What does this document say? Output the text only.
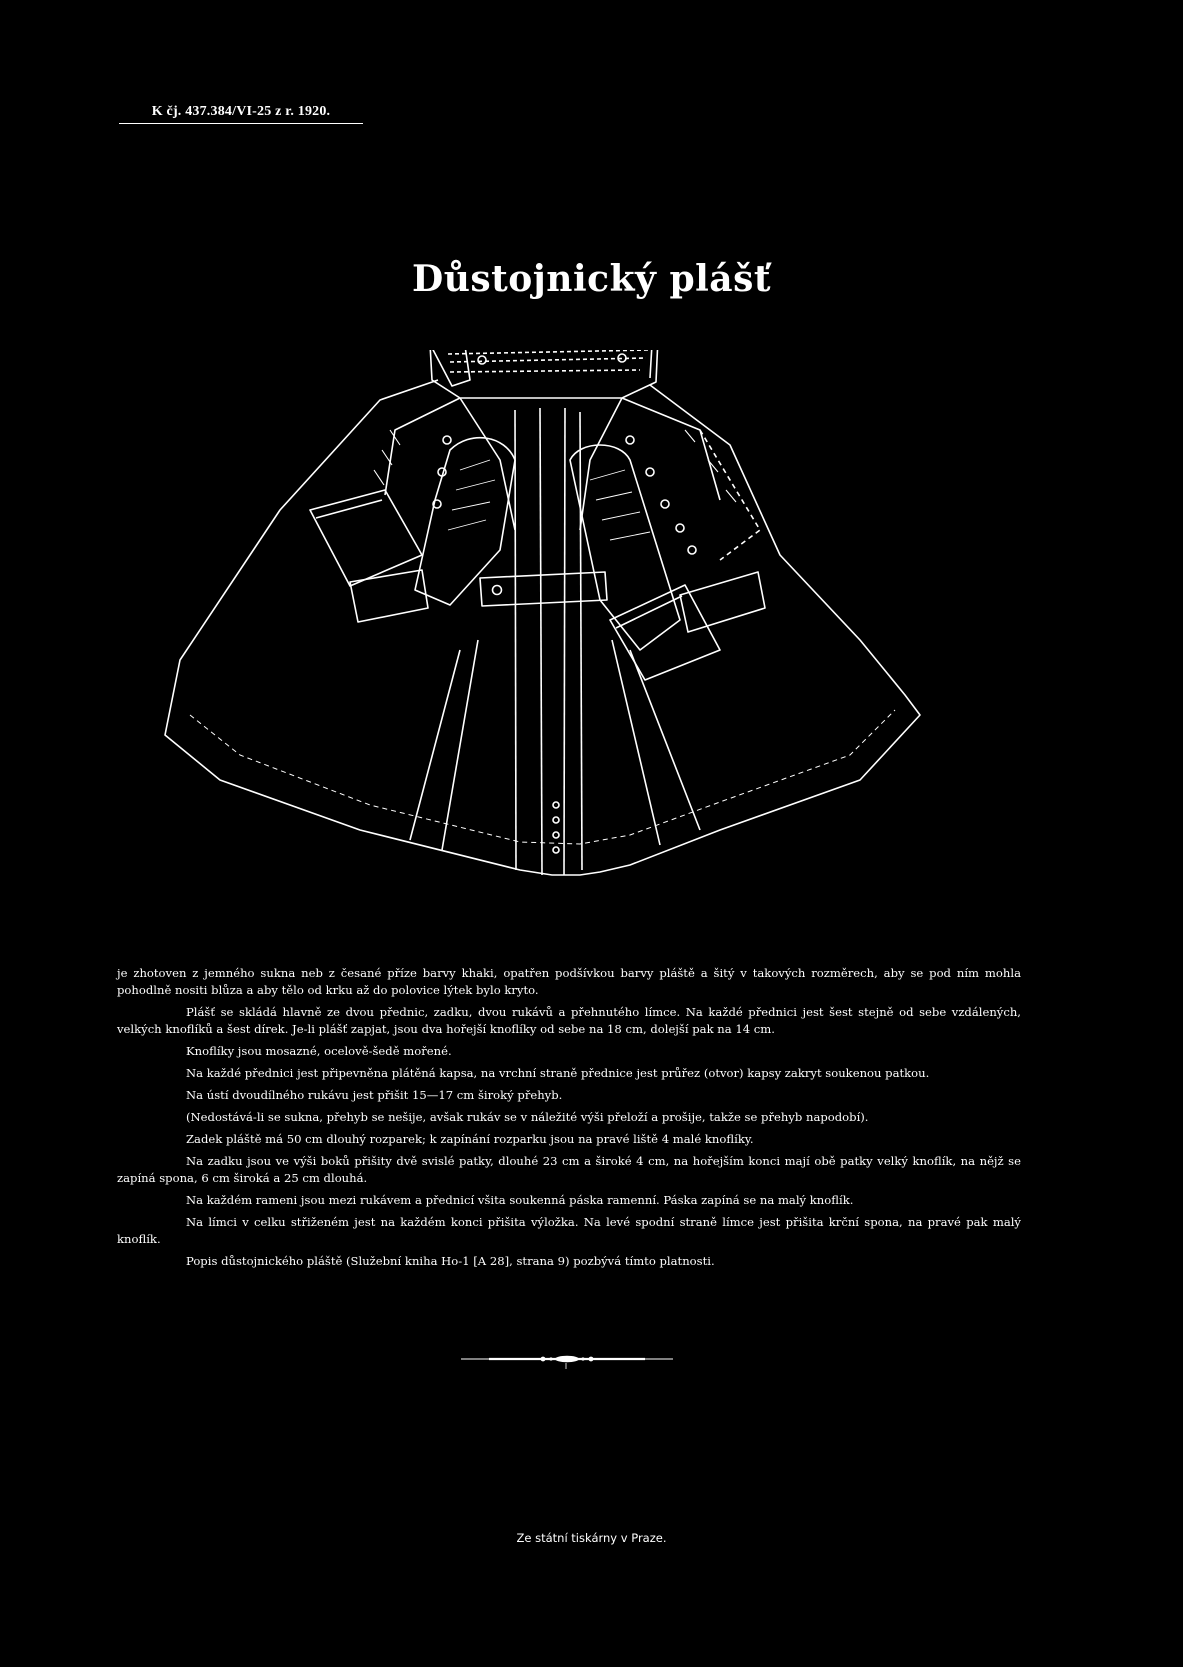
K čj. 437.384/VI-25 z r. 1920.
Důstojnický plášť

je zhotoven z jemného sukna neb z česané příze barvy khaki, opatřen podšívkou barvy pláště a šitý v takových rozměrech, aby se pod ním mohla pohodlně nositi blůza a aby tělo od krku až do polovice lýtek bylo kryto.

Plášť se skládá hlavně ze dvou přednic, zadku, dvou rukávů a přehnutého límce. Na každé přednici jest šest stejně od sebe vzdálených, velkých knoflíků a šest dírek. Je-li plášť zapjat, jsou dva hořejší knoflíky od sebe na 18 cm, dolejší pak na 14 cm.

Knoflíky jsou mosazné, ocelově-šedě mořené.

Na každé přednici jest připevněna plátěná kapsa, na vrchní straně přednice jest průřez (otvor) kapsy zakryt soukenou patkou.

Na ústí dvoudílného rukávu jest přišit 15—17 cm široký přehyb.

(Nedostává-li se sukna, přehyb se nešije, avšak rukáv se v náležité výši přeloží a prošije, takže se přehyb napodobí).

Zadek pláště má 50 cm dlouhý rozparek; k zapínání rozparku jsou na pravé liště 4 malé knoflíky.

Na zadku jsou ve výši boků přišity dvě svislé patky, dlouhé 23 cm a široké 4 cm, na hořejším konci mají obě patky velký knoflík, na nějž se zapíná spona, 6 cm široká a 25 cm dlouhá.

Na každém rameni jsou mezi rukávem a přednicí všita soukenná páska ramenní. Páska zapíná se na malý knoflík.

Na límci v celku střiženém jest na každém konci přišita výložka. Na levé spodní straně límce jest přišita krční spona, na pravé pak malý knoflík.

Popis důstojnického pláště (Služební kniha Ho-1 [A 28], strana 9) pozbývá tímto platnosti.

Ze státní tiskárny v Praze.
